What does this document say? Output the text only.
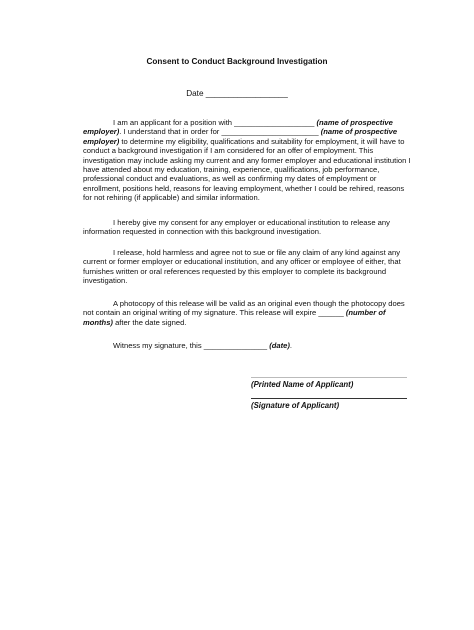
Consent to Conduct Background Investigation
Date __________________

I am an applicant for a position with ___________________ (name of prospective employer). I understand that in order for _______________________ (name of prospective employer) to determine my eligibility, qualifications and suitability for employment, it will have to conduct a background investigation if I am considered for an offer of employment. This investigation may include asking my current and any former employer and educational institution I have attended about my education, training, experience, qualifications, job performance, professional conduct and evaluations, as well as confirming my dates of employment or enrollment, positions held, reasons for leaving employment, whether I could be rehired, reasons for not rehiring (if applicable) and similar information.

I hereby give my consent for any employer or educational institution to release any information requested in connection with this background investigation.

I release, hold harmless and agree not to sue or file any claim of any kind against any current or former employer or educational institution, and any officer or employee of either, that furnishes written or oral references requested by this employer to complete its background investigation.

A photocopy of this release will be valid as an original even though the photocopy does not contain an original writing of my signature. This release will expire ______ (number of months) after the date signed.

Witness my signature, this _______________ (date).

(Printed Name of Applicant)
(Signature of Applicant)
